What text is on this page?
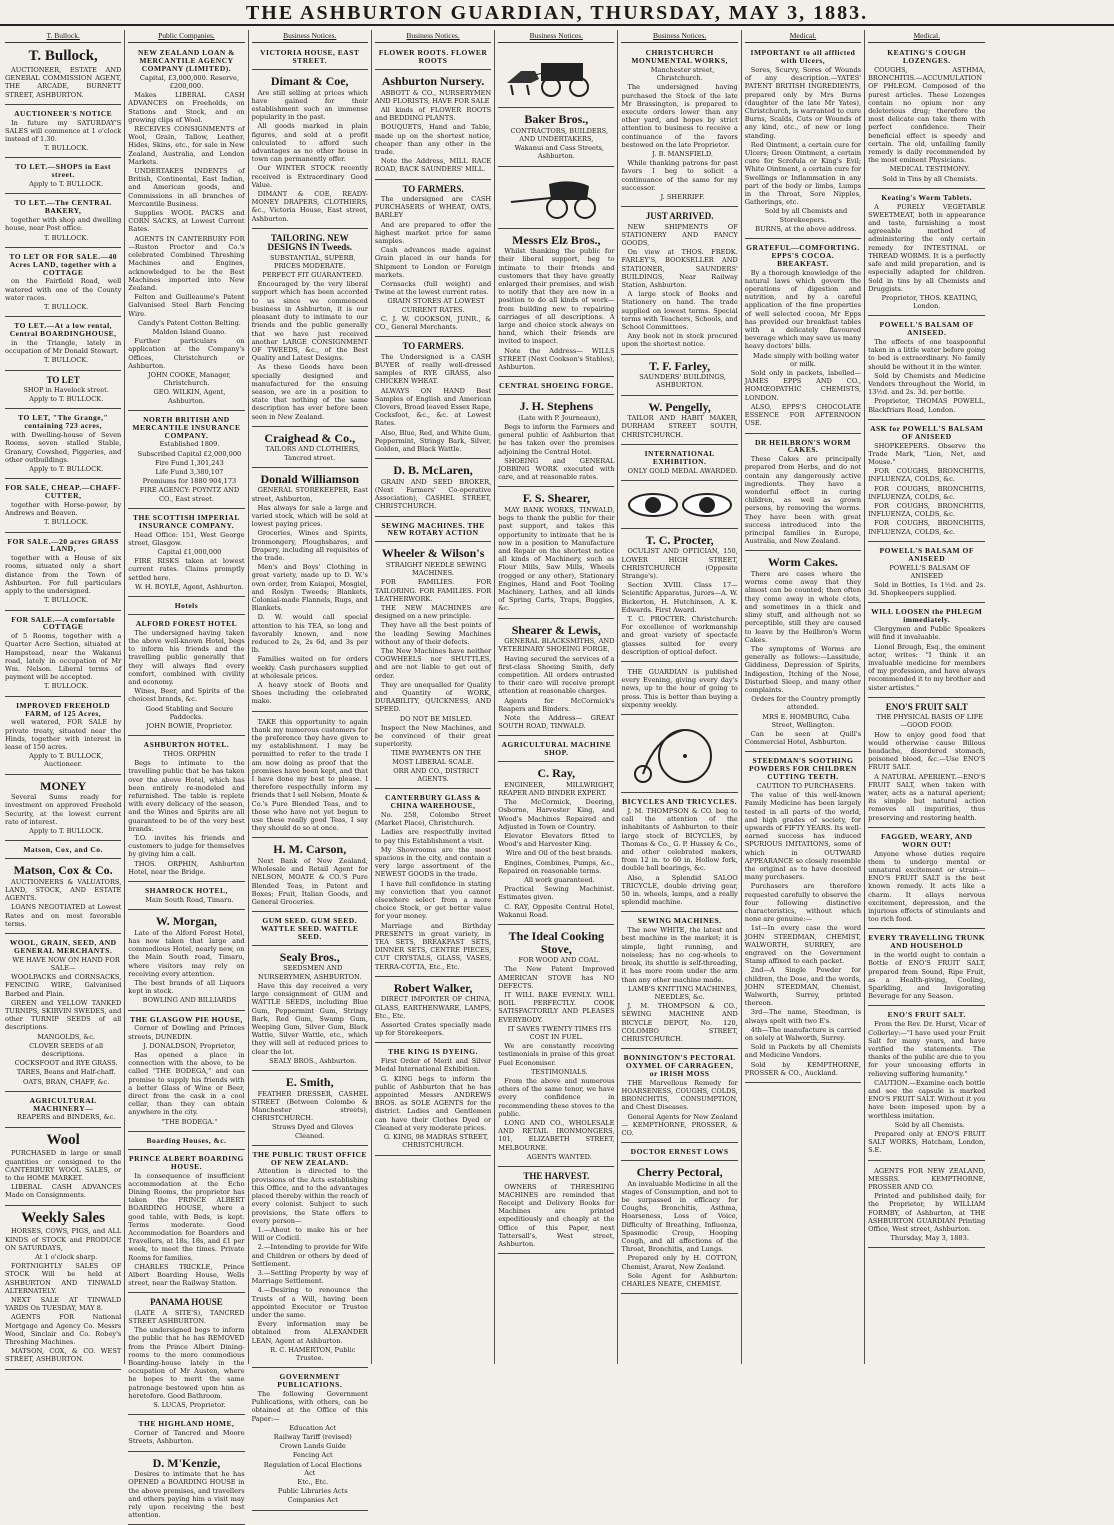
THE ASHBURTON GUARDIAN, THURSDAY, MAY 3, 1883.
T. Bullock.
T. Bullock,

AUCTIONEER, ESTATE AND GENERAL COMMISSION AGENT, THE ARCADE, BURNETT STREET, ASHBURTON.

AUCTIONEER'S NOTICE

In future my SATURDAY'S SALES will commence at 1 o'clock instead of 1.30.

T. BULLOCK.

TO LET.—SHOPS in East street.

Apply to T. BULLOCK.

TO LET.—The CENTRAL BAKERY,

together with shop and dwelling house, near Post office.

T. BULLOCK.

TO LET OR FOR SALE.—40 Acres LAND, together with a COTTAGE

on the Fairfield Road, well watered with one of the County water races.

T. BULLOCK.

TO LET.—At a low rental, Central BOARDINGHOUSE,

in the Triangle, lately in occupation of Mr Donald Stewart.

T. BULLOCK.

TO LET

SHOP in Havelock street.

Apply to T. BULLOCK.

TO LET, "The Grange," containing 723 acres,

with Dwelling-house of Seven Rooms, seven stalled Stable, Granary, Cowshed, Piggeries, and other outbuildings.

Apply to T. BULLOCK.

FOR SALE, CHEAP.—CHAFF-CUTTER,

together with Horse-power, by Andrews and Beaven.

T. BULLOCK.

FOR SALE.—20 acres GRASS LAND,

together with a House of six rooms, situated only a short distance from the Town of Ashburton. For full particulars apply to the undersigned.

T. BULLOCK.

FOR SALE.—A comfortable COTTAGE

of 5 Rooms, together with a Quarter Acre Section, situated at Hampstead, near the Wakanui road, lately in occupation of Mr Wm. Nelson. Liberal terms of payment will be accepted.

T. BULLOCK.

IMPROVED FREEHOLD FARM, of 125 Acres,

well watered, FOR SALE by private treaty, situated near the Hinds, together with interest in lease of 150 acres.

Apply to T. BULLOCK, Auctioneer.

MONEY

Several Sums ready for investment on approved Freehold Security, at the lowest current rate of interest.

Apply to T. BULLOCK.

Matson, Cox, and Co.
Matson, Cox & Co.

AUCTIONEERS & VALUATORS, LAND, STOCK, AND ESTATE AGENTS.

LOANS NEGOTIATED at Lowest Rates and on most favorable terms.

WOOL, GRAIN, SEED, AND GENERAL MERCHANTS.

WE HAVE NOW ON HAND FOR SALE—

WOOLPACKS and CORNSACKS, FENCING WIRE, Galvanised Barbed and Plain.

GREEN and YELLOW TANKED TURNIPS, SKIRVIN SWEDES, and other TURNIP SEEDS of all descriptions.

MANGOLDS, &c.

CLOVER SEEDS of all descriptions.

COCKSFOOT and RYE GRASS.

TARES, Beans and Half-chaff.

OATS, BRAN, CHAFF, &c.

AGRICULTURAL MACHINERY—

REAPERS and BINDERS, &c.

Wool

PURCHASED in large or small quantities or consigned to the CANTERBURY WOOL SALES, or to the HOME MARKET.

LIBERAL CASH ADVANCES Made on Consignments.

Weekly Sales

HORSES, COWS, PIGS, and ALL KINDS of STOCK and PRODUCE ON SATURDAYS,

At 1 o'clock sharp.

FORTNIGHTLY SALES OF STOCK Will be held at ASHBURTON AND TINWALD ALTERNATELY.

NEXT SALE AT TINWALD YARDS On TUESDAY, MAY 8.

AGENTS FOR National Mortgage and Agency Co. Messrs Wood, Sinclair and Co. Robey's Threshing Machines.

MATSON, COX, & CO. WEST STREET, ASHBURTON.

Public Companies.
NEW ZEALAND LOAN & MERCANTILE AGENCY COMPANY (LIMITED).

Capital, £3,000,000. Reserve, £200,000.

Makes LIBERAL CASH ADVANCES on Freeholds, on Stations and Stock, and on growing clips of Wool.

RECEIVES CONSIGNMENTS of Wool, Grain, Tallow, Leather, Hides, Skins, etc., for sale in New Zealand, Australia, and London Markets.

UNDERTAKES INDENTS of British, Continental, East Indian, and American goods, and Commissions in all branches of Mercantile Business.

Supplies WOOL PACKS and CORN SACKS, at Lowest Current Rates.

AGENTS IN CANTERBURY FOR—Ruston Proctor and Co.'s celebrated Combined Threshing Machines and Engines, acknowledged to be the Best Machines imported into New Zealand.

Felton and Guilleaume's Patent Galvanised Steel Barb Fencing Wire.

Candy's Patent Cotton Belting.

Maldon Island Guano.

Further particulars on application at the Company's Offices, Christchurch or Ashburton.

JOHN COOKE, Manager, Christchurch.

GEO. WILKIN, Agent, Ashburton.

NORTH BRITISH AND MERCANTILE INSURANCE COMPANY.

Established 1809.

Subscribed Capital £2,000,000

Fire Fund 1,301,243

Life Fund 3,380,107

Premiums for 1880 904,173

FIRE AGENCY: POYNTZ AND CO., East street.

THE SCOTTISH IMPERIAL INSURANCE COMPANY.

Head Office: 151, West George street, Glasgow.

Capital £1,000,000

FIRE RISKS taken at lowest current rates. Claims promptly settled here.

W. H. BOYLE, Agent, Ashburton.

Hotels
ALFORD FOREST HOTEL

The undersigned having taken the above well-known Hotel, begs to inform his friends and the travelling public generally that they will always find every comfort, combined with civility and economy.

Wines, Beer, and Spirits of the choicest brands, &c.

Good Stabling and Secure Paddocks.

JOHN BOWIE, Proprietor.

ASHBURTON HOTEL.

THOS. ORPHIN

Begs to intimate to the travelling public that he has taken over the above Hotel, which has been entirely re-modeled and refurnished. The table is replete with every delicacy of the season, and the Wines and Spirits are all guaranteed to be of the very best brands.

T.O. invites his friends and customers to judge for themselves by giving him a call.

THOS. ORPHIN, Ashburton Hotel, near the Bridge.

SHAMROCK HOTEL,

Main South Road, Timaru.

W. Morgan,

Late of the Alford Forest Hotel, has now taken that large and commodious Hotel, nearly new, on the Main South road, Timaru, where visitors may rely on receiving every attention.

The best brands of all Liquors kept in stock.

BOWLING AND BILLIARDS

THE GLASGOW PIE HOUSE,

Corner of Dowling and Princes streets, DUNEDIN.

J. DONALDSON, Proprietor,

Has opened a place in connection with the above, to be called "THE BODEGA," and can promise to supply his friends with a better Glass of Wine or Beer, direct from the cask in a cool cellar, than they can obtain anywhere in the city.

"THE BODEGA."

Boarding Houses, &c.
PRINCE ALBERT BOARDING HOUSE.

In consequence of insufficient accommodation at the Echo Dining Rooms, the proprietor has taken the PRINCE ALBERT BOARDING HOUSE, where a good table, with Beds, is kept. Terms moderate. Good Accommodation for Boarders and Travellers, at 18s, 18s, and £1 per week, to meet the times. Private Rooms for families.

CHARLES TRICKLE, Prince Albert Boarding House, Wells street, near the Railway Station.

PANAMA HOUSE

(LATE A SITE'S), TANCRED STREET ASHBURTON.

The undersigned begs to inform the public that he has REMOVED from the Prince Albert Dining-rooms to the more commodious Boarding-house lately in the occupation of Mr Austen, where he hopes to merit the same patronage bestowed upon him as heretofore. Good Bathroom.

S. LUCAS, Proprietor.

THE HIGHLAND HOME,

Corner of Tancred and Moore Streets, Ashburton.

D. M'Kenzie,

Desires to intimate that he has OPENED a BOARDING HOUSE in the above premises, and travellers and others paying him a visit may rely upon receiving the best attention.

Business Notices.
VICTORIA HOUSE, EAST STREET.
Dimant & Coe,

Are still selling at prices which have gained for their establishment such an immense popularity in the past.

All goods marked in plain figures, and sold at a profit calculated to afford such advantages as no other house in town can permanently offer.

Our WINTER STOCK recently received is Extraordinary Good Value.

DIMANT & COE, READY-MONEY DRAPERS, CLOTHIERS, &c., Victoria House, East street, Ashburton.

TAILORING. NEW DESIGNS IN Tweeds.

SUBSTANTIAL, SUPERB, PRICES MODERATE.

PERFECT FIT GUARANTEED.

Encouraged by the very liberal support which has been accorded to us since we commenced business in Ashburton, it is our pleasant duty to intimate to our friends and the public generally that we have just received another LARGE CONSIGNMENT OF TWEEDS, &c., of the Best Quality and Latest Designs.

As these Goods have been specially designed and manufactured for the ensuing season, we are in a position to state that nothing of the same description has ever before been seen in New Zealand.

Craighead & Co.,

TAILORS AND CLOTHIERS, Tancred street.

Donald Williamson

GENERAL STOREKEEPER, East street, Ashburton,

Has always for sale a large and varied stock, which will be sold at lowest paying prices.

Groceries, Wines and Spirits, Ironmongery, Ploughshares, and Drapery, including all requisites of the trade.

Men's and Boys' Clothing in great variety, made up to D. W.'s own order, from Kaiapoi, Mosgiel, and Roslyn Tweeds; Blankets, Colonial-made Flannels, Rugs, and Blankets.

D. W. would call special attention to his TEA, so long and favorably known, and now reduced to 2s, 2s 6d, and 3s per lb.

Families waited on for orders weekly. Cash purchasers supplied at wholesale prices.

A heavy stock of Boots and Shoes including the celebrated make.

TAKE this opportunity to again thank my numerous customers for the preference they have given to my establishment. I may be permitted to refer to the trade I am now doing as proof that the promises have been kept, and that I have done my best to please. I therefore respectfully inform my friends that I sell Nelson, Moate & Co.'s Pure Blended Teas, and to those who have not yet begun to use these really good Teas, I say they should do so at once.

H. M. Carson,

Next Bank of New Zealand, Wholesale and Retail Agent for NELSON, MOATE & CO.'S Pure Blended Teas, in Patent and Boxes; Fruit, Italian Goods, and General Groceries.

GUM SEED. GUM SEED. WATTLE SEED. WATTLE SEED.
Sealy Bros.,

SEEDSMEN AND NURSERYMEN, ASHBURTON.

Have this day received a very large consignment of GUM and WATTLE SEEDS, including Blue Gum, Peppermint Gum, Stringy Bark, Red Gum, Swamp Gum, Weeping Gum, Silver Gum, Black Wattle, Silver Wattle, etc., which they will sell at reduced prices to clear the lot.

SEALY BROS., Ashburton.

E. Smith,

FEATHER DRESSER, CASHEL STREET (Between Colombo & Manchester streets), CHRISTCHURCH.

Straws Dyed and Gloves Cleaned.

THE PUBLIC TRUST OFFICE OF NEW ZEALAND.

Attention is directed to the provisions of the Acts establishing this Office, and to the advantages placed thereby within the reach of every colonist. Subject to such provisions, the State offers to every person—

1.—About to make his or her Will or Codicil.

2.—Intending to provide for Wife and Children or others by deed of Settlement.

3.—Settling Property by way of Marriage Settlement.

4.—Desiring to renounce the Trusts of a Will, having been appointed Executor or Trustee under the same.

Every information may be obtained from ALEXANDER LEAN, Agent at Ashburton.

R. C. HAMERTON, Public Trustee.

GOVERNMENT PUBLICATIONS.

The following Government Publications, with others, can be obtained at the Office of this Paper:—

Education Act

Railway Tariff (revised)

Crown Lands Guide

Fencing Act

Regulation of Local Elections Act

Etc., Etc.

Public Libraries Acts

Companies Act

Business Notices.
FLOWER ROOTS. FLOWER ROOTS
Ashburton Nursery.

ABBOTT & CO., NURSERYMEN AND FLORISTS, HAVE FOR SALE

All kinds of FLOWER ROOTS and BEDDING PLANTS.

BOUQUETS, Hand and Table, made up on the shortest notice, cheaper than any other in the trade.

Note the Address, MILL RACE ROAD, BACK SAUNDERS' MILL.

TO FARMERS.

The undersigned are CASH PURCHASERS of WHEAT, OATS, BARLEY

And are prepared to offer the highest market price for same samples.

Cash advances made against Grain placed in our hands for Shipment to London or Foreign markets.

Cornsacks (full weight) and Twine at the lowest current rates.

GRAIN STORES AT LOWEST CURRENT RATES.

C. J. W. COOKSON, JUNR., & CO., General Merchants.

TO FARMERS.

The Undersigned is a CASH BUYER of really well-dressed samples of RYE GRASS, also CHICKEN WHEAT.

ALWAYS ON HAND Best Samples of English and American Clovers, Broad leaved Essex Rape, Cocksfoot, &c., &c. at Lowest Rates.

Also, Blue, Red, and White Gum, Peppermint, Stringy Bark, Silver, Golden, and Black Wattle.

D. B. McLaren,

GRAIN AND SEED BROKER, (Next Farmers' Co-operative Association), CASHEL STREET, CHRISTCHURCH.

SEWING MACHINES. THE NEW ROTARY ACTION
Wheeler & Wilson's

STRAIGHT NEEDLE SEWING MACHINES.

FOR FAMILIES. FOR TAILORING. FOR FAMILIES. FOR LEATHERWORK.

THE NEW MACHINES are designed on a new principle.

They have all the best points of the leading Sewing Machines without any of their defects.

The New Machines have neither COGWHEELS nor SHUTTLES, and are not liable to get out of order.

They are unequalled for Quality and Quantity of WORK, DURABILITY, QUICKNESS, AND SPEED.

DO NOT BE MISLED.

Inspect the New Machines, and be convinced of their great superiority.

TIME PAYMENTS ON THE MOST LIBERAL SCALE.

ORR AND CO., DISTRICT AGENTS.

CANTERBURY GLASS & CHINA WAREHOUSE,

No. 258, Colombo Street (Market Place), Christchurch.

Ladies are respectfully invited to pay this Establishment a visit.

My Showrooms are the most spacious in the city, and contain a very large assortment of the NEWEST GOODS in the trade.

I have full confidence in stating my conviction that you cannot elsewhere select from a more choice Stock, or get better value for your money.

Marriage and Birthday PRESENTS in great variety, in TEA SETS, BREAKFAST SETS, DINNER SETS, CENTRE PIECES, CUT CRYSTALS, GLASS, VASES, TERRA-COTTA, Etc., Etc.

Robert Walker,

DIRECT IMPORTER OF CHINA, GLASS, EARTHENWARE, LAMPS, Etc., Etc.

Assorted Crates specially made up for Storekeepers.

THE KING IS DYEING.

First Order of Merit and Silver Medal International Exhibition.

G. KING begs to inform the public of Ashburton that he has appointed Messrs ANDREWS BROS. as SOLE AGENTS for the district. Ladies and Gentlemen can have their Clothes Dyed or Cleaned at very moderate prices.

G. KING, 98 MADRAS STREET, CHRISTCHURCH.

Business Notices.
Baker Bros.,

CONTRACTORS, BUILDERS, AND UNDERTAKERS,

Wakanui and Cass Streets, Ashburton.

Messrs Elz Bros.,

Whilst thanking the public for their liberal support, beg to intimate to their friends and customers that they have greatly enlarged their premises, and wish to notify that they are now in a position to do all kinds of work—from building new to repairing carriages of all descriptions. A large and choice stock always on hand, which their friends are invited to inspect.

Note the Address— WILLS STREET (Next Cookson's Stables), Ashburton.

CENTRAL SHOEING FORGE.
J. H. Stephens

(Late with P. Journeaux),

Begs to inform the Farmers and general public of Ashburton that he has taken over the premises adjoining the Central Hotel.

SHOEING and GENERAL JOBBING WORK executed with care, and at reasonable rates.

F. S. Shearer,

MAY BANK WORKS, TINWALD, begs to thank the public for their past support, and takes this opportunity to intimate that he is now in a position to Manufacture and Repair on the shortest notice all kinds of Machinery, such as Flour Mills, Saw Mills, Wheels (rogged or any other), Stationary Engines, Hand and Foot Tooling Machinery, Lathes, and all kinds of Spring Carts, Traps, Buggies, &c.

Shearer & Lewis,

GENERAL BLACKSMITHS, AND VETERINARY SHOEING FORGE,

Having secured the services of a first-class Shoeing Smith, defy competition. All orders entrusted to their care will receive prompt attention at reasonable charges.

Agents for McCormick's Reapers and Binders.

Note the Address— GREAT SOUTH ROAD, TINWALD.

AGRICULTURAL MACHINE SHOP.
C. Ray,

ENGINEER, MILLWRIGHT, REAPER AND BINDER EXPERT.

The McCormick, Deering, Osborne, Harvester King, and Wood's Machines Repaired and Adjusted in Town or Country.

Elevator Elevators fitted to Wood's and Harvester King.

Wire and Oil of the best brands.

Engines, Combines, Pumps, &c., Repaired on reasonable terms.

All work guaranteed.

Practical Sewing Machinist. Estimates given.

C. RAY, Opposite Central Hotel, Wakanui Road.

The Ideal Cooking Stove,

FOR WOOD AND COAL.

The New Patent Improved AMERICAN STOVE has NO DEFECTS.

IT WILL BAKE EVENLY. WILL BOIL PERFECTLY. COOK SATISFACTORILY AND PLEASES EVERYBODY.

IT SAVES TWENTY TIMES ITS COST IN FUEL.

We are constantly receiving testimonials in praise of this great Fuel Economiser.

TESTIMONIALS.

From the above and numerous others of the same tenor, we have every confidence in recommending these stoves to the public.

LONG AND CO., WHOLESALE AND RETAIL IRONMONGERS, 101, ELIZABETH STREET, MELBOURNE.

AGENTS WANTED.

THE HARVEST.

OWNERS of THRESHING MACHINES are reminded that Receipt and Delivery Books for Machines are printed expeditiously and cheaply at the Office of this Paper, next Tattersall's, West street, Ashburton.

Business Notices.
CHRISTCHURCH MONUMENTAL WORKS,

Manchester street, Christchurch.

The undersigned having purchased the Stock of the late Mr Brassington, is prepared to execute orders lower than any other yard, and hopes by strict attention to business to receive a continuance of the favors bestowed on the late Proprietor.

J. B. MANSFIELD.

While thanking patrons for past favors I beg to solicit a continuance of the same for my successor.

J. SHERRIFF.

JUST ARRIVED.

NEW SHIPMENTS OF STATIONERY AND FANCY GOODS,

On view at THOS. FREDK. FARLEY'S, BOOKSELLER AND STATIONER, SAUNDERS' BUILDINGS, Near Railway Station, Ashburton.

A large stock of Books and Stationery on hand. The trade supplied on lowest terms. Special terms with Teachers, Schools, and School Committees.

Any book not in stock procured upon the shortest notice.

T. F. Farley,

SAUNDERS' BUILDINGS, ASHBURTON.

W. Pengelly,

TAILOR AND HABIT MAKER, DURHAM STREET SOUTH, CHRISTCHURCH.

INTERNATIONAL EXHIBITION.

ONLY GOLD MEDAL AWARDED.

T. C. Procter,

OCULIST AND OPTICIAN, 150, LOWER HIGH STREET, CHRISTCHURCH (Opposite Strange's).

Section XVIII. Class 17—Scientific Apparatus, Jurors—A. W. Bickerton, H. Hutchinson, A. K. Edwards. First Award.

T. C. PROCTER. Christchurch: For excellence of workmanship and great variety of spectacle glasses suited for every description of optical defect.

THE GUARDIAN is published every Evening, giving every day's news, up to the hour of going to press. This is better than buying a sixpenny weekly.

BICYCLES AND TRICYCLES.

J. M. THOMPSON & CO. beg to call the attention of the inhabitants of Ashburton to their large stock of BICYCLES, by Thomas & Co., G. P. Hussey & Co., and other celebrated makers, from 12 in. to 60 in. Hollow fork, double ball bearings, &c.

Also, a Splendid SALOO TRICYCLE, double driving gear, 50 in. wheels, lamps, and a really splendid machine.

SEWING MACHINES.

The new WHITE, the latest and best machine in the market; it is simple, light running, and noiseless; has no cog-wheels to break, its shuttle is self-threading, it has more room under the arm than any other machine made.

LAMB'S KNITTING MACHINES, NEEDLES, &c.

J. M. THOMPSON & CO., SEWING MACHINE AND BICYCLE DEPOT, No. 120, COLOMBO STREET, CHRISTCHURCH.

BONNINGTON'S PECTORAL OXYMEL OF CARRAGEEN, or IRISH MOSS

THE Marvellous Remedy for HOARSENESS, COUGHS, COLDS, BRONCHITIS, CONSUMPTION, and Chest Diseases.

General Agents for New Zealand— KEMPTHORNE, PROSSER, & CO.

DOCTOR ERNEST LOWS
Cherry Pectoral,

An invaluable Medicine in all the stages of Consumption, and not to be surpassed in efficacy for Coughs, Bronchitis, Asthma, Hoarseness, Loss of Voice, Difficulty of Breathing, Influenza, Spasmodic Croup, Hooping Cough, and all affections of the Throat, Bronchitis, and Lungs.

Prepared only by H. COTTON, Chemist, Ararat, New Zealand.

Sole Agent for Ashburton: CHARLES NEATE, CHEMIST.

Medical.
IMPORTANT to all afflicted with Ulcers,

Sores, Scurvy, Sores of Wounds of any description.—YATES' PATENT BRITISH INGREDIENTS, prepared only by Mrs Burns (daughter of the late Mr Yates), Christchurch, is warranted to cure Burns, Scalds, Cuts or Wounds of any kind, etc., of new or long standing.

Red Ointment, a certain cure for Ulcers; Green Ointment, a certain cure for Scrofula or King's Evil; White Ointment, a certain cure for Swellings or Inflammation in any part of the body or limbs, Lumps in the Throat, Sore Nipples, Gatherings, etc.

Sold by all Chemists and Storekeepers.

BURNS, at the above address.

GRATEFUL—COMFORTING. EPPS'S COCOA. BREAKFAST.

By a thorough knowledge of the natural laws which govern the operations of digestion and nutrition, and by a careful application of the fine properties of well selected cocoa, Mr Epps has provided our breakfast tables with a delicately flavoured beverage which may save us many heavy doctors' bills.

Made simply with boiling water or milk.

Sold only in packets, labelled— JAMES EPPS AND CO., HOMŒOPATHIC CHEMISTS, LONDON.

ALSO, EPPS'S CHOCOLATE ESSENCE FOR AFTERNOON USE.

DR HEILBRON'S WORM CAKES.

These Cakes are principally prepared from Herbs, and do not contain any dangerously active ingredients. They have a wonderful effect in curing children, as well as grown persons, by removing the worms. They have been with great success introduced into the principal families in Europe, Australia, and New Zealand.

Worm Cakes.

There are cases where the worms come away that they almost can be counted; then often they come away in whole clots, and sometimes in a thick and slimy stuff, and although not so perceptible, still they are caused to leave by the Heilbron's Worm Cakes.

The symptoms of Worms are generally as follows:—Lassitude, Giddiness, Depression of Spirits, Indigestion, Itching of the Nose, Disturbed Sleep, and many other complaints.

Orders for the Country promptly attended.

MRS E. HOMBURG, Cuba Street, Wellington.

Can be seen at Quill's Commercial Hotel, Ashburton.

STEEDMAN'S SOOTHING POWDERS FOR CHILDREN CUTTING TEETH.

CAUTION TO PURCHASERS.

The value of this well-known Family Medicine has been largely tested in all parts of the world, and high grades of society, for upwards of FIFTY YEARS. Its well-earned success has induced SPURIOUS IMITATIONS, some of which in OUTWARD APPEARANCE so closely resemble the original as to have deceived many purchasers.

Purchasers are therefore requested carefully to observe the four following distinctive characteristics, without which none are genuine:—

1st—In every case the word JOHN STEEDMAN, CHEMIST, WALWORTH, SURREY, are engraved on the Government Stamp affixed to each packet.

2nd—A Single Powder for children, the Dose, and the words, JOHN STEEDMAN, Chemist, Walworth, Surrey, printed thereon.

3rd—The name, Steedman, is always spelt with two E's.

4th—The manufacture is carried on solely at Walworth, Surrey.

Sold in Packets by all Chemists and Medicine Vendors.

Sold by KEMPTHORNE, PROSSER & CO., Auckland.

Medical.
KEATING'S COUGH LOZENGES.

COUGHS, ASTHMA, BRONCHITIS.—ACCUMULATION OF PHLEGM. Composed of the purest articles. These Lozenges contain no opium nor any deleterious drug; therefore the most delicate can take them with perfect confidence. Their beneficial effect is speedy and certain. The old, unfailing family remedy is daily recommended by the most eminent Physicians.

MEDICAL TESTIMONY.

Sold in Tins by all Chemists.

Keating's Worm Tablets.

A PURELY VEGETABLE SWEETMEAT, both in appearance and taste, furnishing a most agreeable method of administering the only certain remedy for INTESTINAL or THREAD WORMS. It is a perfectly safe and mild preparation, and is especially adapted for children. Sold in tins by all Chemists and Druggists.

Proprietor, THOS. KEATING, London.

POWELL'S BALSAM OF ANISEED.

The effects of one teaspoonful taken in a little water before going to bed is extraordinary. No family should be without it in the winter.

Sold by Chemists and Medicine Vendors throughout the World, in 13½d. and 2s. 3d. per bottle.

Proprietor, THOMAS POWELL, Blackfriars Road, London.

ASK for POWELL'S BALSAM OF ANISEED

SHOPKEEPERS. Observe the Trade Mark, "Lion, Net, and Mouse."

FOR COUGHS, BRONCHITIS, INFLUENZA, COLDS, &c.

FOR COUGHS, BRONCHITIS, INFLUENZA, COLDS, &c.

FOR COUGHS, BRONCHITIS, INFLUENZA, COLDS, &c.

FOR COUGHS, BRONCHITIS, INFLUENZA, COLDS, &c.

POWELL'S BALSAM OF ANISEED

POWELL'S BALSAM OF ANISEED

Sold in Bottles, 1s 1½d. and 2s. 3d. Shopkeepers supplied.

WILL LOOSEN the PHLEGM immediately.

Clergymen and Public Speakers will find it invaluable.

Lionel Brough, Esq., the eminent actor, writes: "I think it an invaluable medicine for members of my profession, and have always recommended it to my brother and sister artistes."

ENO'S FRUIT SALT

THE PHYSICAL BASIS OF LIFE—GOOD FOOD.

How to enjoy good food that would otherwise cause Bilious headache, disordered stomach, poisoned blood, &c.—Use ENO'S FRUIT SALT.

A NATURAL APERIENT.—ENO'S FRUIT SALT, when taken with water, acts as a natural aperient; its simple but natural action removes all impurities, thus preserving and restoring health.

FAGGED, WEARY, AND WORN OUT!

Anyone whose duties require them to undergo mental or unnatural excitement or strain—ENO'S FRUIT SALT is the best known remedy. It acts like a charm. It allays nervous excitement, depression, and the injurious effects of stimulants and too rich food.

EVERY TRAVELLING TRUNK AND HOUSEHOLD

in the world ought to contain a Bottle of ENO'S FRUIT SALT, prepared from Sound, Ripe Fruit, as a Health-giving, Cooling, Sparkling, and Invigorating Beverage for any Season.

ENO'S FRUIT SALT.

From the Rev. Dr. Hurst, Vicar of Collerley:—"I have used your Fruit Salt for many years, and have verified the statements. The thanks of the public are due to you for your unceasing efforts in relieving suffering humanity."

CAUTION.—Examine each bottle and see the capsule is marked ENO'S FRUIT SALT. Without it you have been imposed upon by a worthless imitation.

Sold by all Chemists.

Prepared only at ENO'S FRUIT SALT WORKS, Hatcham, London, S.E.

AGENTS FOR NEW ZEALAND, MESSRS. KEMPTHORNE, PROSSER AND CO.

Printed and published daily, for the Proprietor, by WILLIAM FORMBY, of Ashburton, at THE ASHBURTON GUARDIAN Printing Office, West street, Ashburton.

Thursday, May 3, 1883.
